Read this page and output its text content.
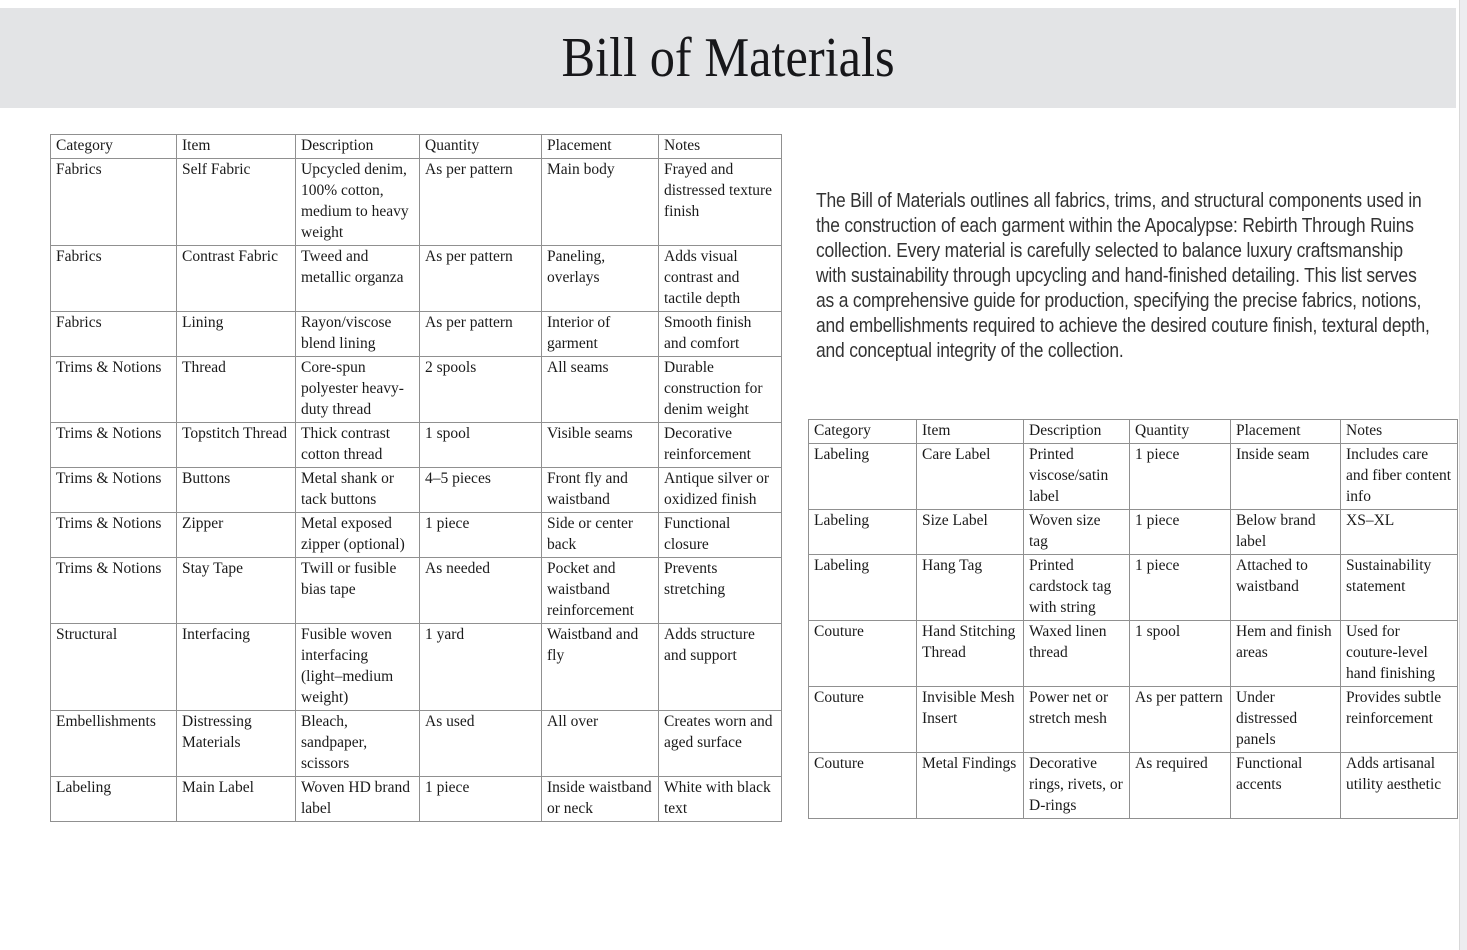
Bill of Materials
Category	Item	Description	Quantity	Placement	Notes
Fabrics	Self Fabric	Upcycled denim, 100% cotton, medium to heavy weight	As per pattern	Main body	Frayed and distressed texture finish
Fabrics	Contrast Fabric	Tweed and metallic organza	As per pattern	Paneling, overlays	Adds visual contrast and tactile depth
Fabrics	Lining	Rayon/viscose blend lining	As per pattern	Interior of garment	Smooth finish and comfort
Trims & Notions	Thread	Core-spun polyester heavy-duty thread	2 spools	All seams	Durable construction for denim weight
Trims & Notions	Topstitch Thread	Thick contrast cotton thread	1 spool	Visible seams	Decorative reinforcement
Trims & Notions	Buttons	Metal shank or tack buttons	4–5 pieces	Front fly and waistband	Antique silver or oxidized finish
Trims & Notions	Zipper	Metal exposed zipper (optional)	1 piece	Side or center back	Functional closure
Trims & Notions	Stay Tape	Twill or fusible bias tape	As needed	Pocket and waistband reinforcement	Prevents stretching
Structural	Interfacing	Fusible woven interfacing (light–medium weight)	1 yard	Waistband and fly	Adds structure and support
Embellishments	Distressing Materials	Bleach, sandpaper, scissors	As used	All over	Creates worn and aged surface
Labeling	Main Label	Woven HD brand label	1 piece	Inside waistband or neck	White with black text

The Bill of Materials outlines all fabrics, trims, and structural components used in the construction of each garment within the Apocalypse: Rebirth Through Ruins collection. Every material is carefully selected to balance luxury craftsmanship with sustainability through upcycling and hand-finished detailing. This list serves as a comprehensive guide for production, specifying the precise fabrics, notions, and embellishments required to achieve the desired couture finish, textural depth, and conceptual integrity of the collection.

Category	Item	Description	Quantity	Placement	Notes
Labeling	Care Label	Printed viscose/satin label	1 piece	Inside seam	Includes care and fiber content info
Labeling	Size Label	Woven size tag	1 piece	Below brand label	XS–XL
Labeling	Hang Tag	Printed cardstock tag with string	1 piece	Attached to waistband	Sustainability statement
Couture	Hand Stitching Thread	Waxed linen thread	1 spool	Hem and finish areas	Used for couture-level hand finishing
Couture	Invisible Mesh Insert	Power net or stretch mesh	As per pattern	Under distressed panels	Provides subtle reinforcement
Couture	Metal Findings	Decorative rings, rivets, or D-rings	As required	Functional accents	Adds artisanal utility aesthetic
